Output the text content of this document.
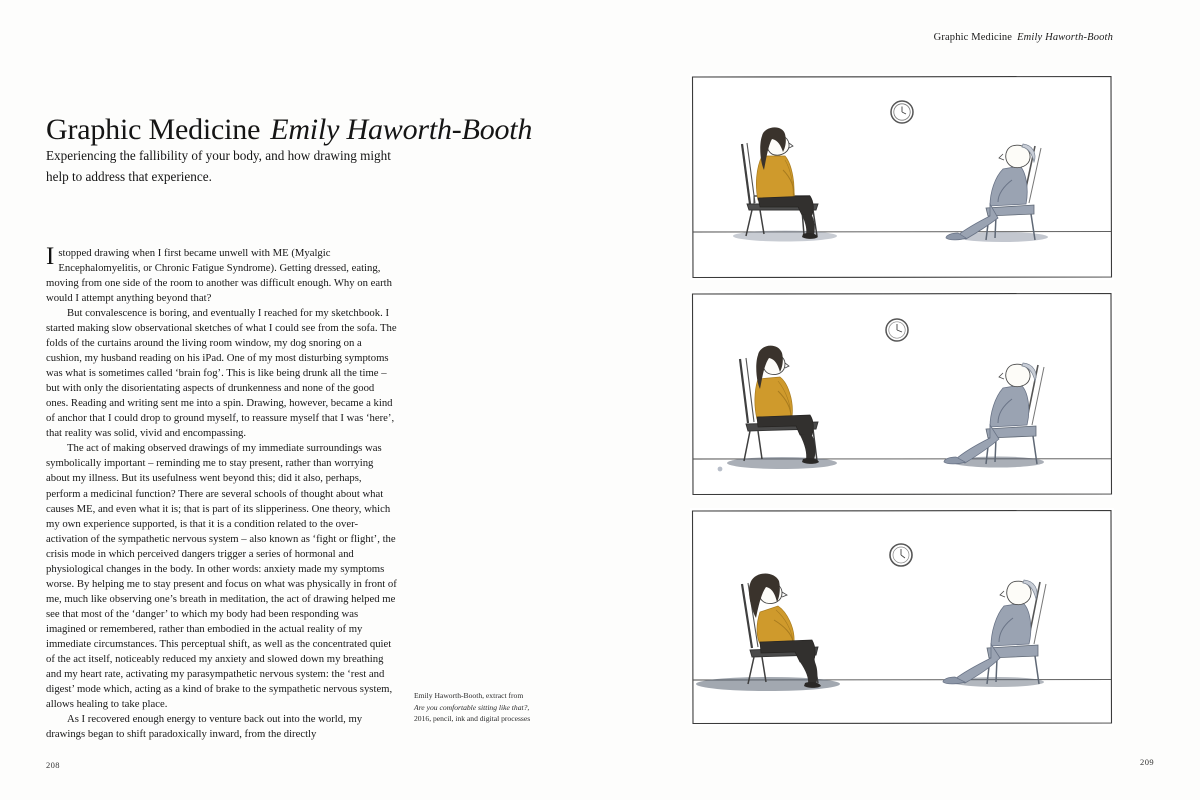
Graphic Medicine Emily Haworth-Booth
Graphic Medicine Emily Haworth-Booth
Experiencing the fallibility of your body, and how drawing might help to address that experience.

Istopped drawing when I first became unwell with ME (Myalgic Encephalomyelitis, or Chronic Fatigue Syndrome). Getting dressed, eating, moving from one side of the room to another was difficult enough. Why on earth would I attempt anything beyond that?

But convalescence is boring, and eventually I reached for my sketchbook. I started making slow observational sketches of what I could see from the sofa. The folds of the curtains around the living room window, my dog snoring on a cushion, my husband reading on his iPad. One of my most disturbing symptoms was what is sometimes called ‘brain fog’. This is like being drunk all the time – but with only the disorientating aspects of drunkenness and none of the good ones. Reading and writing sent me into a spin. Drawing, however, became a kind of anchor that I could drop to ground myself, to reassure myself that I was ‘here’, that reality was solid, vivid and encompassing.

The act of making observed drawings of my immediate surroundings was symbolically important – reminding me to stay present, rather than worrying about my illness. But its usefulness went beyond this; did it also, perhaps, perform a medicinal function? There are several schools of thought about what causes ME, and even what it is; that is part of its slipperiness. One theory, which my own experience supported, is that it is a condition related to the over-activation of the sympathetic nervous system – also known as ‘fight or flight’, the crisis mode in which perceived dangers trigger a series of hormonal and physiological changes in the body. In other words: anxiety made my symptoms worse. By helping me to stay present and focus on what was physically in front of me, much like observing one’s breath in meditation, the act of drawing helped me see that most of the ‘danger’ to which my body had been responding was imagined or remembered, rather than embodied in the actual reality of my immediate circumstances. This perceptual shift, as well as the concentrated quiet of the act itself, noticeably reduced my anxiety and slowed down my breathing and my heart rate, activating my parasympathetic nervous system: the ‘rest and digest’ mode which, acting as a kind of brake to the sympathetic nervous system, allows healing to take place.

As I recovered enough energy to venture back out into the world, my drawings began to shift paradoxically inward, from the directly

208
Emily Haworth-Booth, extract from
Are you comfortable sitting like that?,
2016, pencil, ink and digital processes
209
